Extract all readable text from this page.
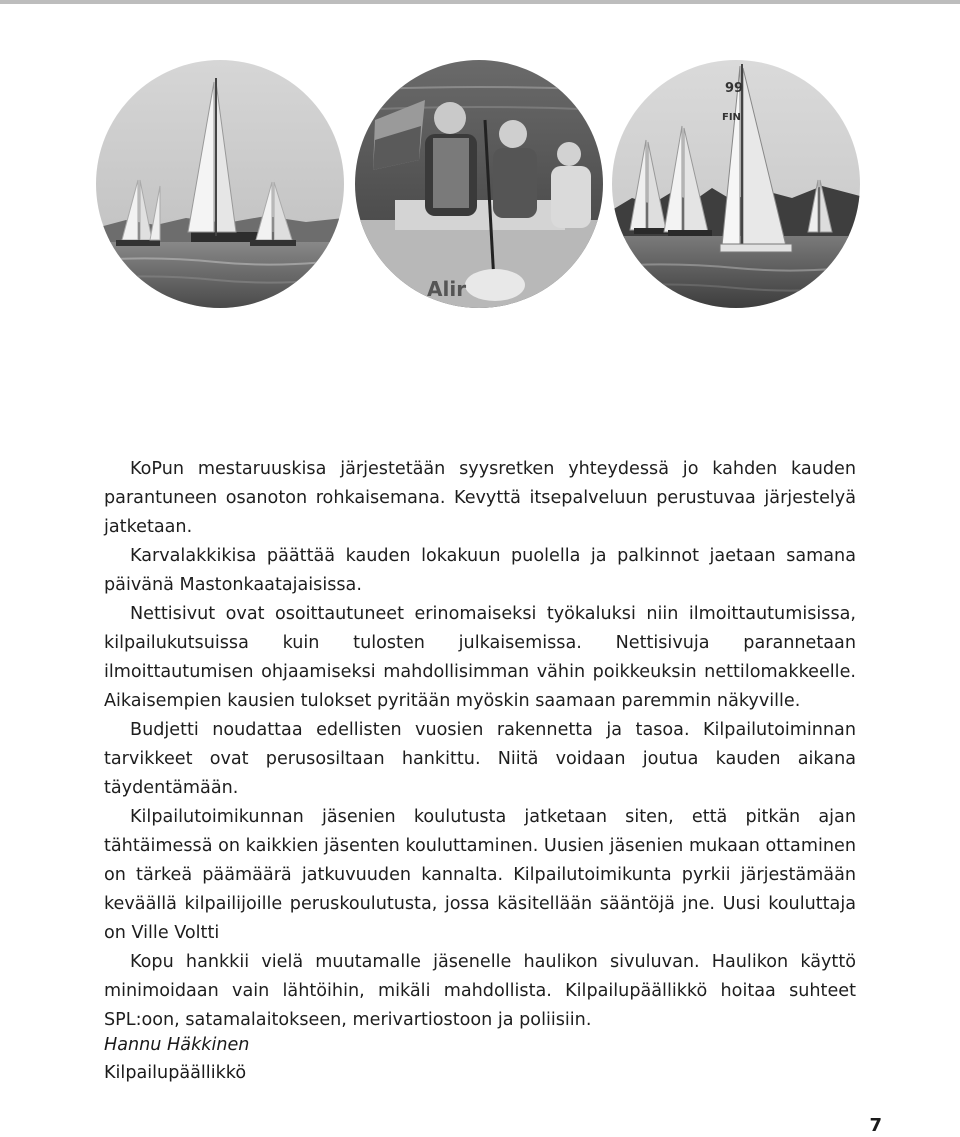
Alir
99
FIN

KoPun mestaruuskisa järjestetään syysretken yhteydessä jo kahden kauden parantuneen osanoton rohkaisemana. Kevyttä itsepalveluun perustuvaa järjestelyä jatketaan.

Karvalakkikisa päättää kauden lokakuun puolella ja palkinnot jaetaan samana päivänä Mastonkaatajaisissa.

Nettisivut ovat osoittautuneet erinomaiseksi työkaluksi niin ilmoittautumisissa, kilpailukutsuissa kuin tulosten julkaisemissa. Nettisivuja parannetaan ilmoittautumisen ohjaamiseksi mahdollisimman vähin poikkeuksin nettilomakkeelle. Aikaisempien kausien tulokset pyritään myöskin saamaan paremmin näkyville.

Budjetti noudattaa edellisten vuosien rakennetta ja tasoa. Kilpailutoiminnan tarvikkeet ovat perusosiltaan hankittu. Niitä voidaan joutua kauden aikana täydentämään.

Kilpailutoimikunnan jäsenien koulutusta jatketaan siten, että pitkän ajan tähtäimessä on kaikkien jäsenten kouluttaminen. Uusien jäsenien mukaan ottaminen on tärkeä päämäärä jatkuvuuden kannalta. Kilpailutoimikunta pyrkii järjestämään keväällä kilpailijoille peruskoulutusta, jossa käsitellään sääntöjä jne. Uusi kouluttaja on Ville Voltti

Kopu hankkii vielä muutamalle jäsenelle haulikon sivuluvan. Haulikon käyttö minimoidaan vain lähtöihin, mikäli mahdollista. Kilpailupäällikkö hoitaa suhteet SPL:oon, satamalaitokseen, merivartiostoon ja poliisiin.

Hannu Häkkinen
Kilpailupäällikkö
7
